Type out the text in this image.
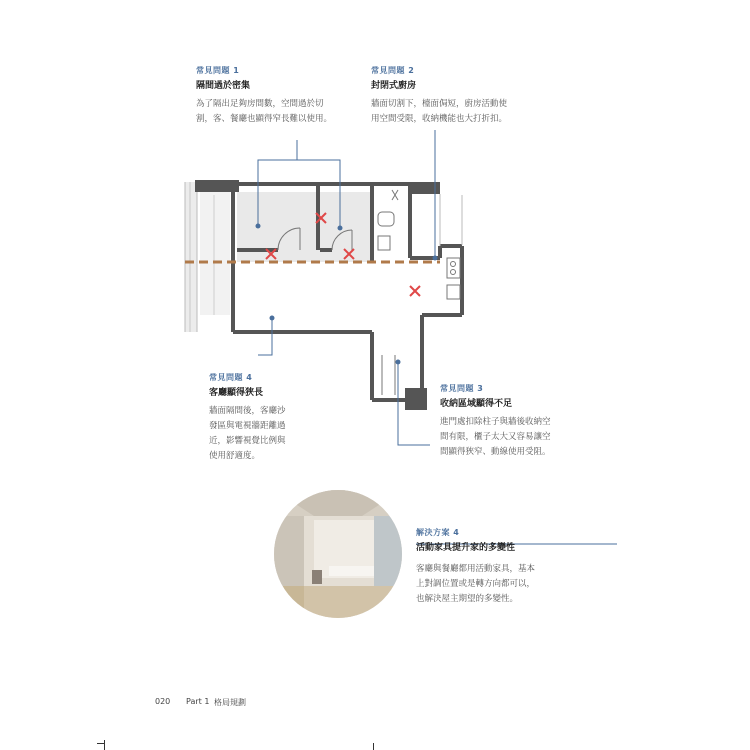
常見問題 1
隔間過於密集
為了隔出足夠房間數，空間過於切
割，客、餐廳也顯得窄長難以使用。
常見問題 2
封閉式廚房
牆面切割下，檯面侷短，廚房活動使
用空間受限，收納機能也大打折扣。
常見問題 4
客廳顯得狹長
牆面隔間後，客廳沙
發區與電視牆距離過
近，影響視覺比例與
使用舒適度。
常見問題 3
收納區域顯得不足
進門處扣除柱子與牆後收納空
間有限，櫃子太大又容易讓空
間顯得狹窄、動線使用受阻。
解決方案 4
活動家具提升家的多變性
客廳與餐廳都用活動家具，基本
上對調位置或是轉方向都可以，
也解決屋主期望的多變性。
020 Part 1 格局規劃
